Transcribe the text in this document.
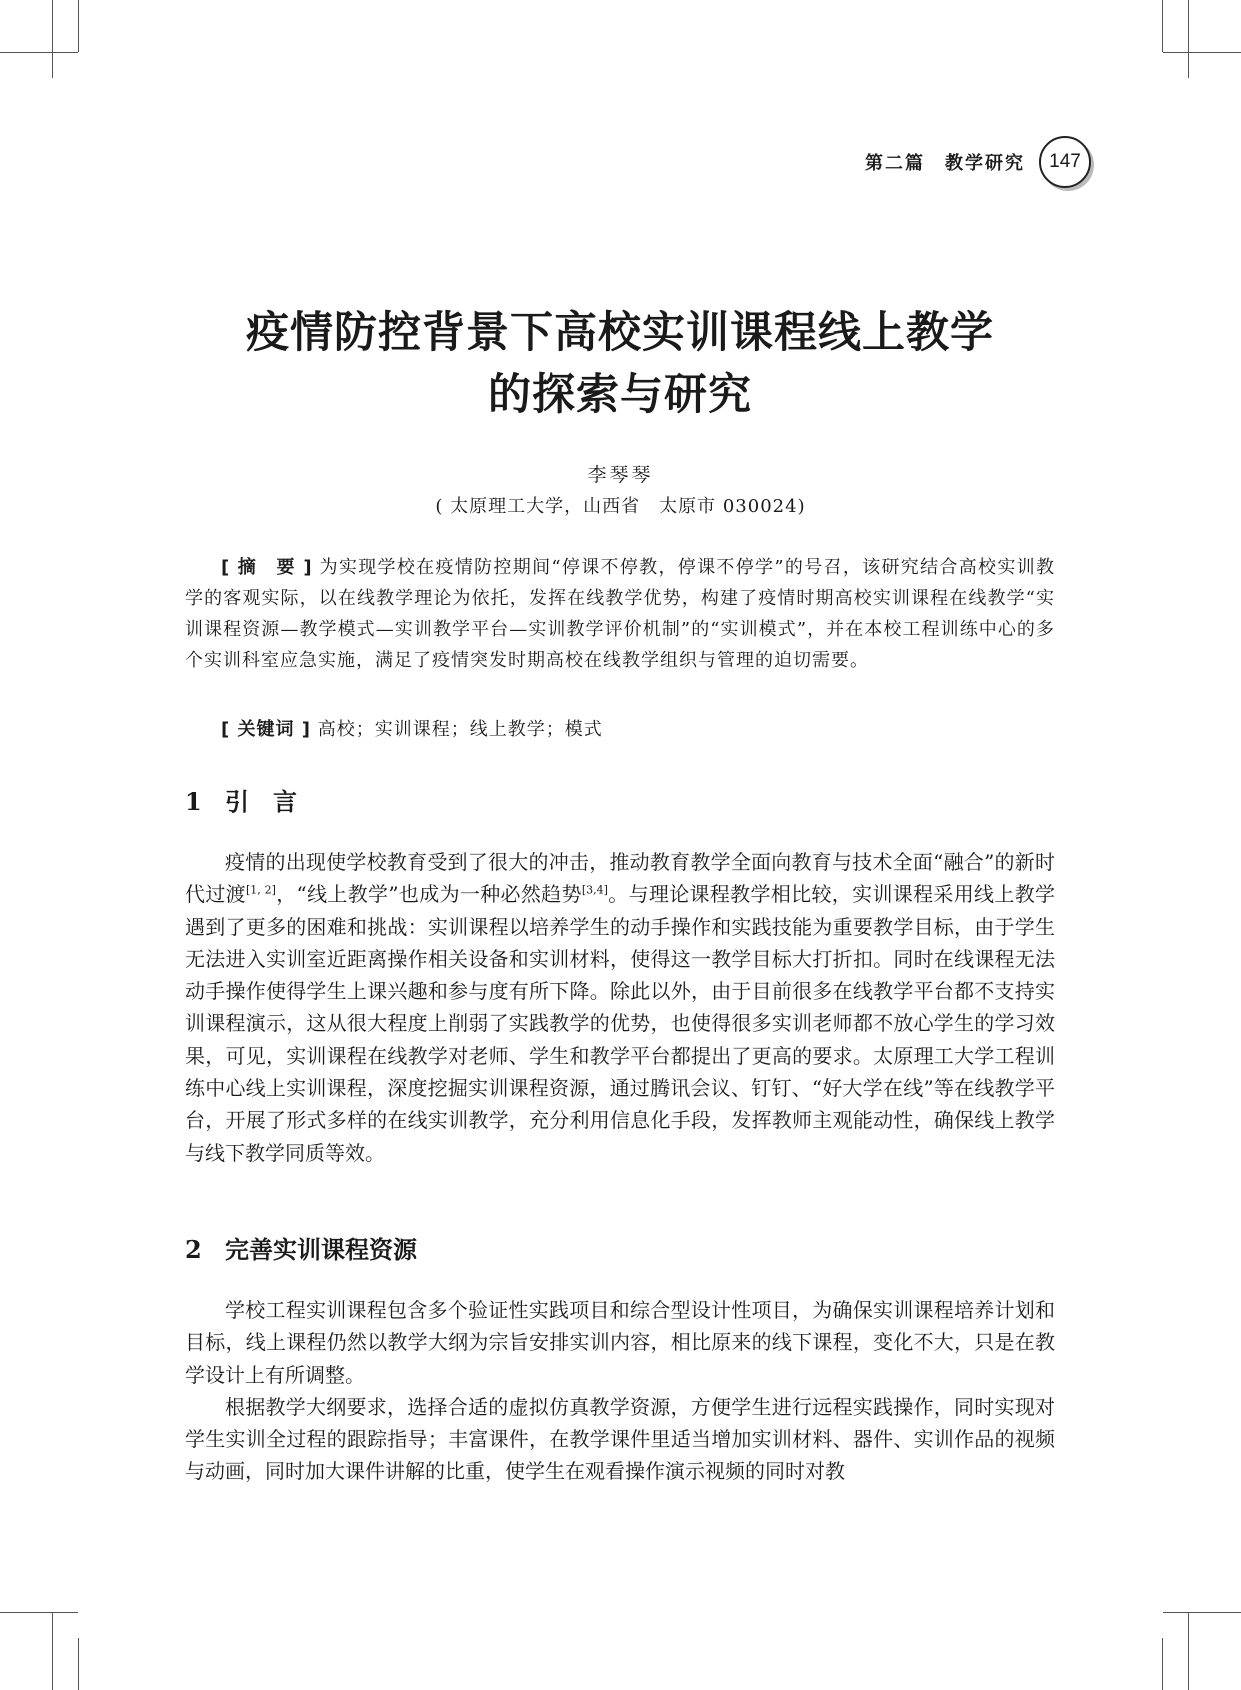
第二篇　教学研究	147
疫情防控背景下高校实训课程线上教学
的探索与研究
李琴琴
( 太原理工大学，山西省　太原市 030024)

[ 摘　要 ] 为实现学校在疫情防控期间“停课不停教，停课不停学”的号召，该研究结合高校实训教学的客观实际，以在线教学理论为依托，发挥在线教学优势，构建了疫情时期高校实训课程在线教学“实训课程资源—教学模式—实训教学平台—实训教学评价机制”的“实训模式”，并在本校工程训练中心的多个实训科室应急实施，满足了疫情突发时期高校在线教学组织与管理的迫切需要。

[ 关键词 ] 高校；实训课程；线上教学；模式

1 引　言

疫情的出现使学校教育受到了很大的冲击，推动教育教学全面向教育与技术全面“融合”的新时代过渡[1, 2]，“线上教学”也成为一种必然趋势[3,4]。与理论课程教学相比较，实训课程采用线上教学遇到了更多的困难和挑战：实训课程以培养学生的动手操作和实践技能为重要教学目标，由于学生无法进入实训室近距离操作相关设备和实训材料，使得这一教学目标大打折扣。同时在线课程无法动手操作使得学生上课兴趣和参与度有所下降。除此以外，由于目前很多在线教学平台都不支持实训课程演示，这从很大程度上削弱了实践教学的优势，也使得很多实训老师都不放心学生的学习效果，可见，实训课程在线教学对老师、学生和教学平台都提出了更高的要求。太原理工大学工程训练中心线上实训课程，深度挖掘实训课程资源，通过腾讯会议、钉钉、“好大学在线”等在线教学平台，开展了形式多样的在线实训教学，充分利用信息化手段，发挥教师主观能动性，确保线上教学与线下教学同质等效。

2 完善实训课程资源

学校工程实训课程包含多个验证性实践项目和综合型设计性项目，为确保实训课程培养计划和目标，线上课程仍然以教学大纲为宗旨安排实训内容，相比原来的线下课程，变化不大，只是在教学设计上有所调整。

根据教学大纲要求，选择合适的虚拟仿真教学资源，方便学生进行远程实践操作，同时实现对学生实训全过程的跟踪指导；丰富课件，在教学课件里适当增加实训材料、器件、实训作品的视频与动画，同时加大课件讲解的比重，使学生在观看操作演示视频的同时对教
